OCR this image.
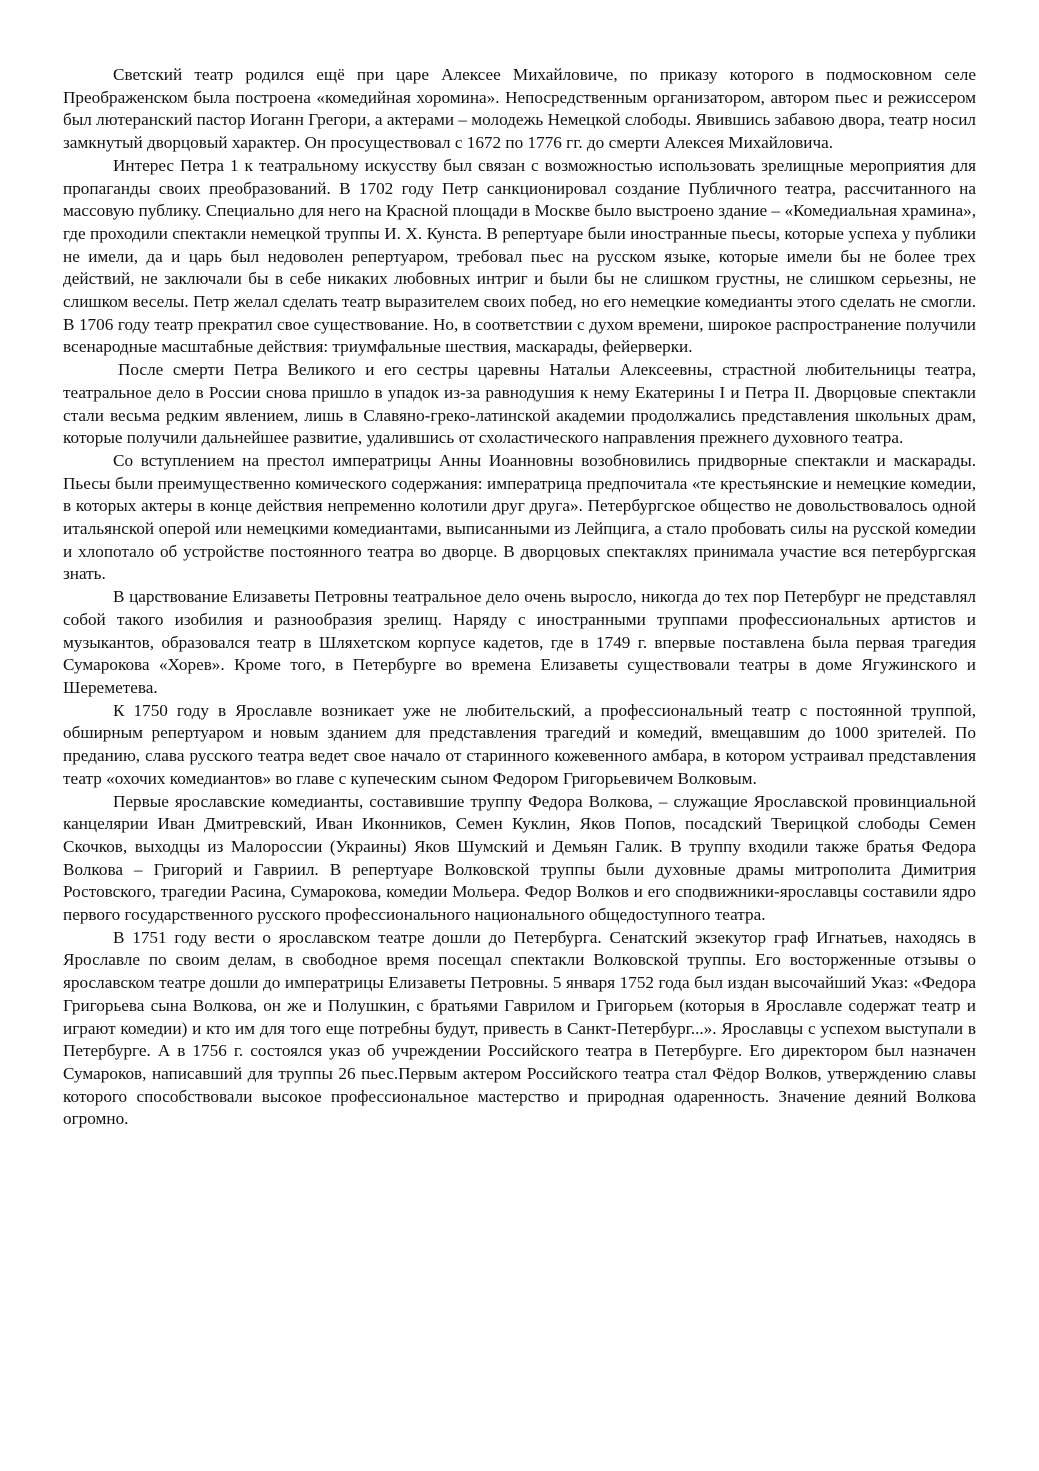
Светский театр родился ещё при царе Алексее Михайловиче, по приказу которого в подмосковном селе Преображенском была построена «комедийная хоромина». Непосредственным организатором, автором пьес и режиссером был лютеранский пастор Иоганн Грегори, а актерами – молодежь Немецкой слободы. Явившись забавою двора, театр носил замкнутый дворцовый характер. Он просуществовал с 1672 по 1776 гг. до смерти Алексея Михайловича.

Интерес Петра 1 к театральному искусству был связан с возможностью использовать зрелищные мероприятия для пропаганды своих преобразований. В 1702 году Петр санкционировал создание Публичного театра, рассчитанного на массовую публику. Специально для него на Красной площади в Москве было выстроено здание – «Комедиальная храмина», где проходили спектакли немецкой труппы И. Х. Кунста. В репертуаре были иностранные пьесы, которые успеха у публики не имели, да и царь был недоволен репертуаром, требовал пьес на русском языке, которые имели бы не более трех действий, не заключали бы в себе никаких любовных интриг и были бы не слишком грустны, не слишком серьезны, не слишком веселы. Петр желал сделать театр выразителем своих побед, но его немецкие комедианты этого сделать не смогли. В 1706 году театр прекратил свое существование. Но, в соответствии с духом времени, широкое распространение получили всенародные масштабные действия: триумфальные шествия, маскарады, фейерверки.

После смерти Петра Великого и его сестры царевны Натальи Алексеевны, страстной любительницы театра, театральное дело в России снова пришло в упадок из-за равнодушия к нему Екатерины I и Петра II. Дворцовые спектакли стали весьма редким явлением, лишь в Славяно-греко-латинской академии продолжались представления школьных драм, которые получили дальнейшее развитие, удалившись от схоластического направления прежнего духовного театра.

Со вступлением на престол императрицы Анны Иоанновны возобновились придворные спектакли и маскарады. Пьесы были преимущественно комического содержания: императрица предпочитала «те крестьянские и немецкие комедии, в которых актеры в конце действия непременно колотили друг друга». Петербургское общество не довольствовалось одной итальянской оперой или немецкими комедиантами, выписанными из Лейпцига, а стало пробовать силы на русской комедии и хлопотало об устройстве постоянного театра во дворце. В дворцовых спектаклях принимала участие вся петербургская знать.

В царствование Елизаветы Петровны театральное дело очень выросло, никогда до тех пор Петербург не представлял собой такого изобилия и разнообразия зрелищ. Наряду с иностранными труппами профессиональных артистов и музыкантов, образовался театр в Шляхетском корпусе кадетов, где в 1749 г. впервые поставлена была первая трагедия Сумарокова «Хорев». Кроме того, в Петербурге во времена Елизаветы существовали театры в доме Ягужинского и Шереметева.

К 1750 году в Ярославле возникает уже не любительский, а профессиональный театр с постоянной труппой, обширным репертуаром и новым зданием для представления трагедий и комедий, вмещавшим до 1000 зрителей. По преданию, слава русского театра ведет свое начало от старинного кожевенного амбара, в котором устраивал представления театр «охочих комедиантов» во главе с купеческим сыном Федором Григорьевичем Волковым.

Первые ярославские комедианты, составившие труппу Федора Волкова, – служащие Ярославской провинциальной канцелярии Иван Дмитревский, Иван Иконников, Семен Куклин, Яков Попов, посадский Тверицкой слободы Семен Скочков, выходцы из Малороссии (Украины) Яков Шумский и Демьян Галик. В труппу входили также братья Федора Волкова – Григорий и Гавриил. В репертуаре Волковской труппы были духовные драмы митрополита Димитрия Ростовского, трагедии Расина, Сумарокова, комедии Мольера. Федор Волков и его сподвижники-ярославцы составили ядро первого государственного русского профессионального национального общедоступного театра.

В 1751 году вести о ярославском театре дошли до Петербурга. Сенатский экзекутор граф Игнатьев, находясь в Ярославле по своим делам, в свободное время посещал спектакли Волковской труппы. Его восторженные отзывы о ярославском театре дошли до императрицы Елизаветы Петровны. 5 января 1752 года был издан высочайший Указ: «Федора Григорьева сына Волкова, он же и Полушкин, с братьями Гаврилом и Григорьем (которыя в Ярославле содержат театр и играют комедии) и кто им для того еще потребны будут, привесть в Санкт-Петербург...». Ярославцы с успехом выступали в Петербурге. А в 1756 г. состоялся указ об учреждении Российского театра в Петербурге. Его директором был назначен Сумароков, написавший для труппы 26 пьес.Первым актером Российского театра стал Фёдор Волков, утверждению славы которого способствовали высокое профессиональное мастерство и природная одаренность. Значение деяний Волкова огромно.
